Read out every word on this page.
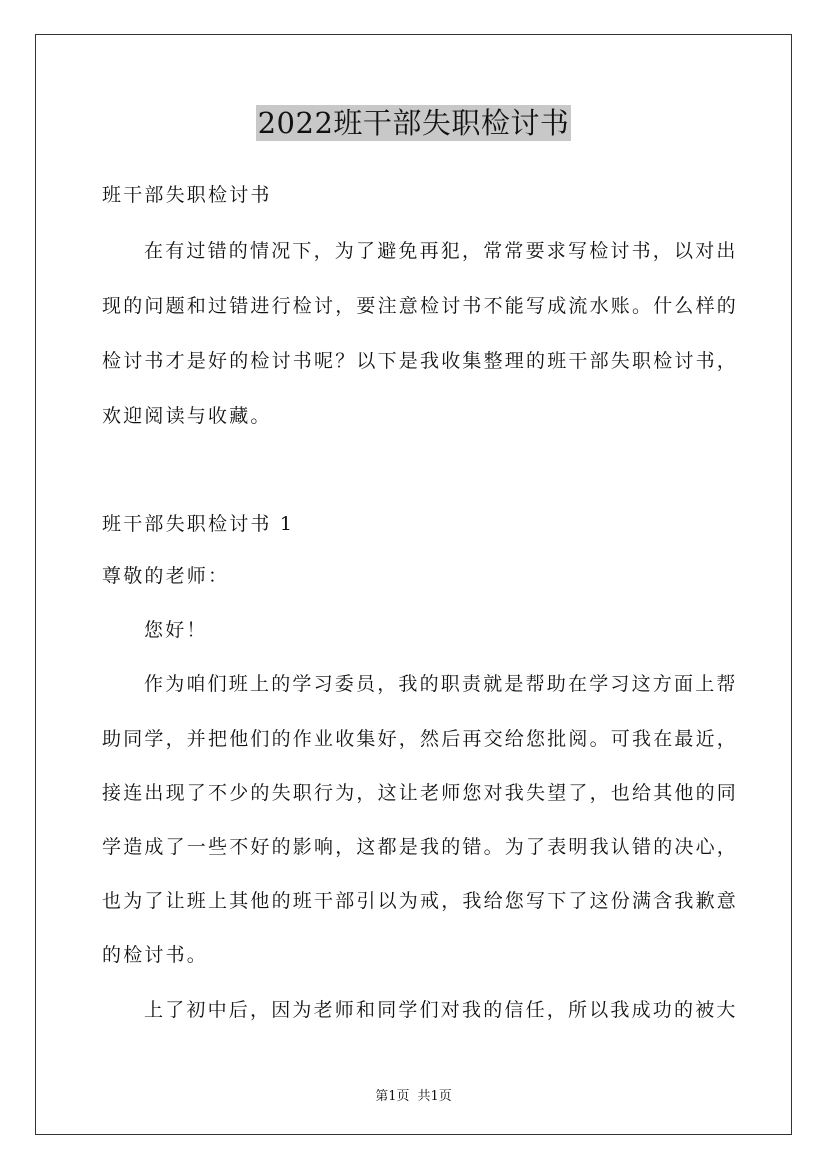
2022班干部失职检讨书
班干部失职检讨书
在有过错的情况下，为了避免再犯，常常要求写检讨书，以对出
现的问题和过错进行检讨，要注意检讨书不能写成流水账。什么样的
检讨书才是好的检讨书呢？以下是我收集整理的班干部失职检讨书，
欢迎阅读与收藏。
班干部失职检讨书 1
尊敬的老师：
您好！
作为咱们班上的学习委员，我的职责就是帮助在学习这方面上帮
助同学，并把他们的作业收集好，然后再交给您批阅。可我在最近，
接连出现了不少的失职行为，这让老师您对我失望了，也给其他的同
学造成了一些不好的影响，这都是我的错。为了表明我认错的决心，
也为了让班上其他的班干部引以为戒，我给您写下了这份满含我歉意
的检讨书。
上了初中后，因为老师和同学们对我的信任，所以我成功的被大
第1页 共1页
